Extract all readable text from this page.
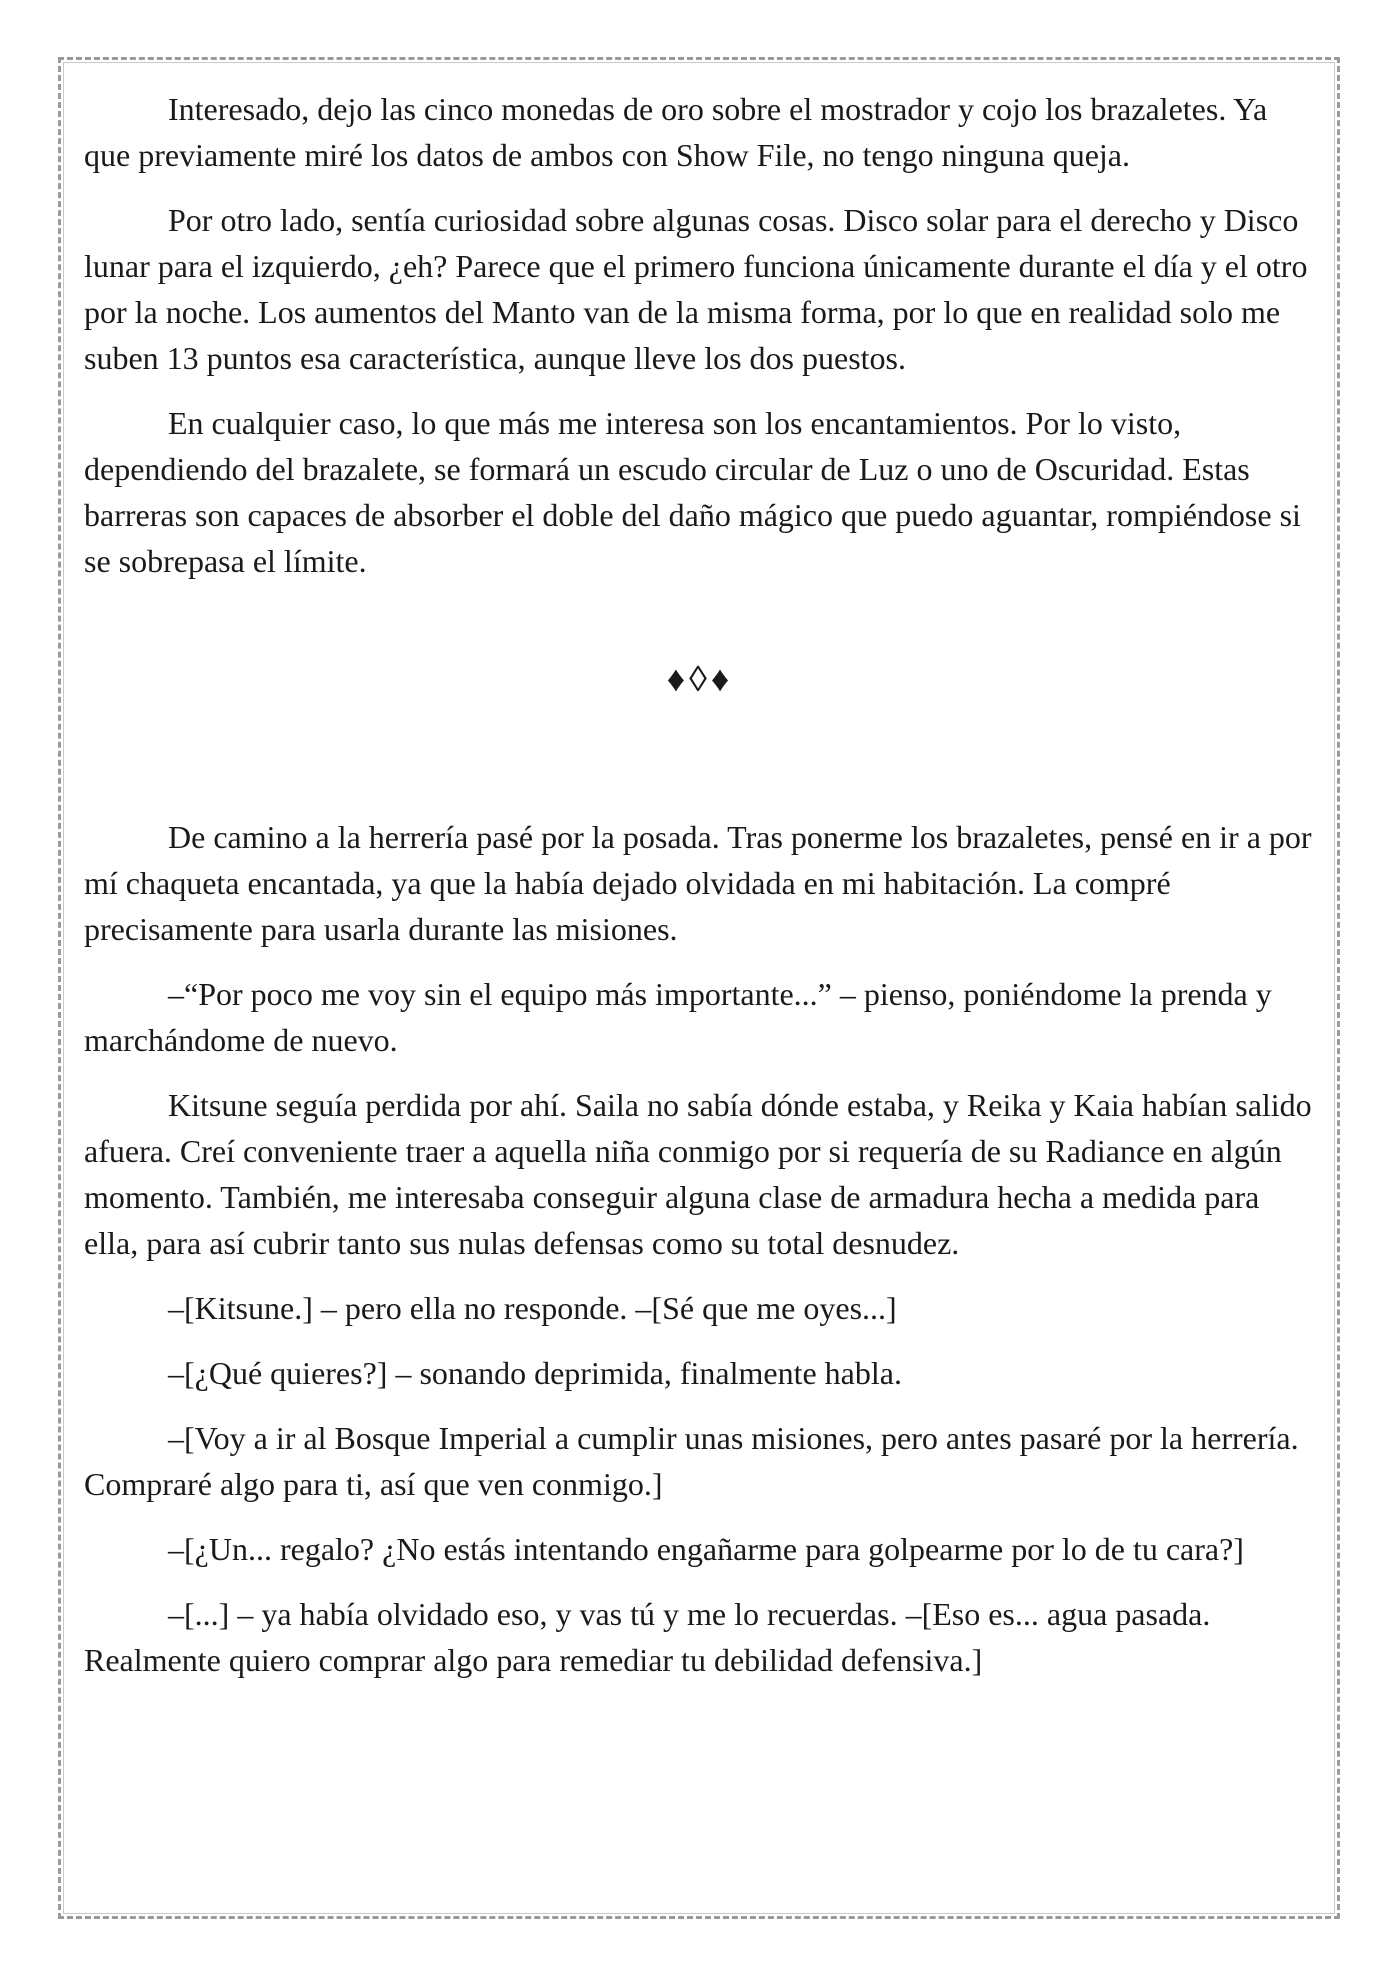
Interesado, dejo las cinco monedas de oro sobre el mostrador y cojo los brazaletes. Ya que previamente miré los datos de ambos con Show File, no tengo ninguna queja.

Por otro lado, sentía curiosidad sobre algunas cosas. Disco solar para el derecho y Disco lunar para el izquierdo, ¿eh? Parece que el primero funciona únicamente durante el día y el otro por la noche. Los aumentos del Manto van de la misma forma, por lo que en realidad solo me suben 13 puntos esa característica, aunque lleve los dos puestos.

En cualquier caso, lo que más me interesa son los encantamientos. Por lo visto, dependiendo del brazalete, se formará un escudo circular de Luz o uno de Oscuridad. Estas barreras son capaces de absorber el doble del daño mágico que puedo aguantar, rompiéndose si se sobrepasa el límite.

♦◊♦

De camino a la herrería pasé por la posada. Tras ponerme los brazaletes, pensé en ir a por mí chaqueta encantada, ya que la había dejado olvidada en mi habitación. La compré precisamente para usarla durante las misiones.

–“Por poco me voy sin el equipo más importante...” – pienso, poniéndome la prenda y marchándome de nuevo.

Kitsune seguía perdida por ahí. Saila no sabía dónde estaba, y Reika y Kaia habían salido afuera. Creí conveniente traer a aquella niña conmigo por si requería de su Radiance en algún momento. También, me interesaba conseguir alguna clase de armadura hecha a medida para ella, para así cubrir tanto sus nulas defensas como su total desnudez.

–[Kitsune.] – pero ella no responde. –[Sé que me oyes...]

–[¿Qué quieres?] – sonando deprimida, finalmente habla.

–[Voy a ir al Bosque Imperial a cumplir unas misiones, pero antes pasaré por la herrería. Compraré algo para ti, así que ven conmigo.]

–[¿Un... regalo? ¿No estás intentando engañarme para golpearme por lo de tu cara?]

–[...] – ya había olvidado eso, y vas tú y me lo recuerdas. –[Eso es... agua pasada. Realmente quiero comprar algo para remediar tu debilidad defensiva.]
